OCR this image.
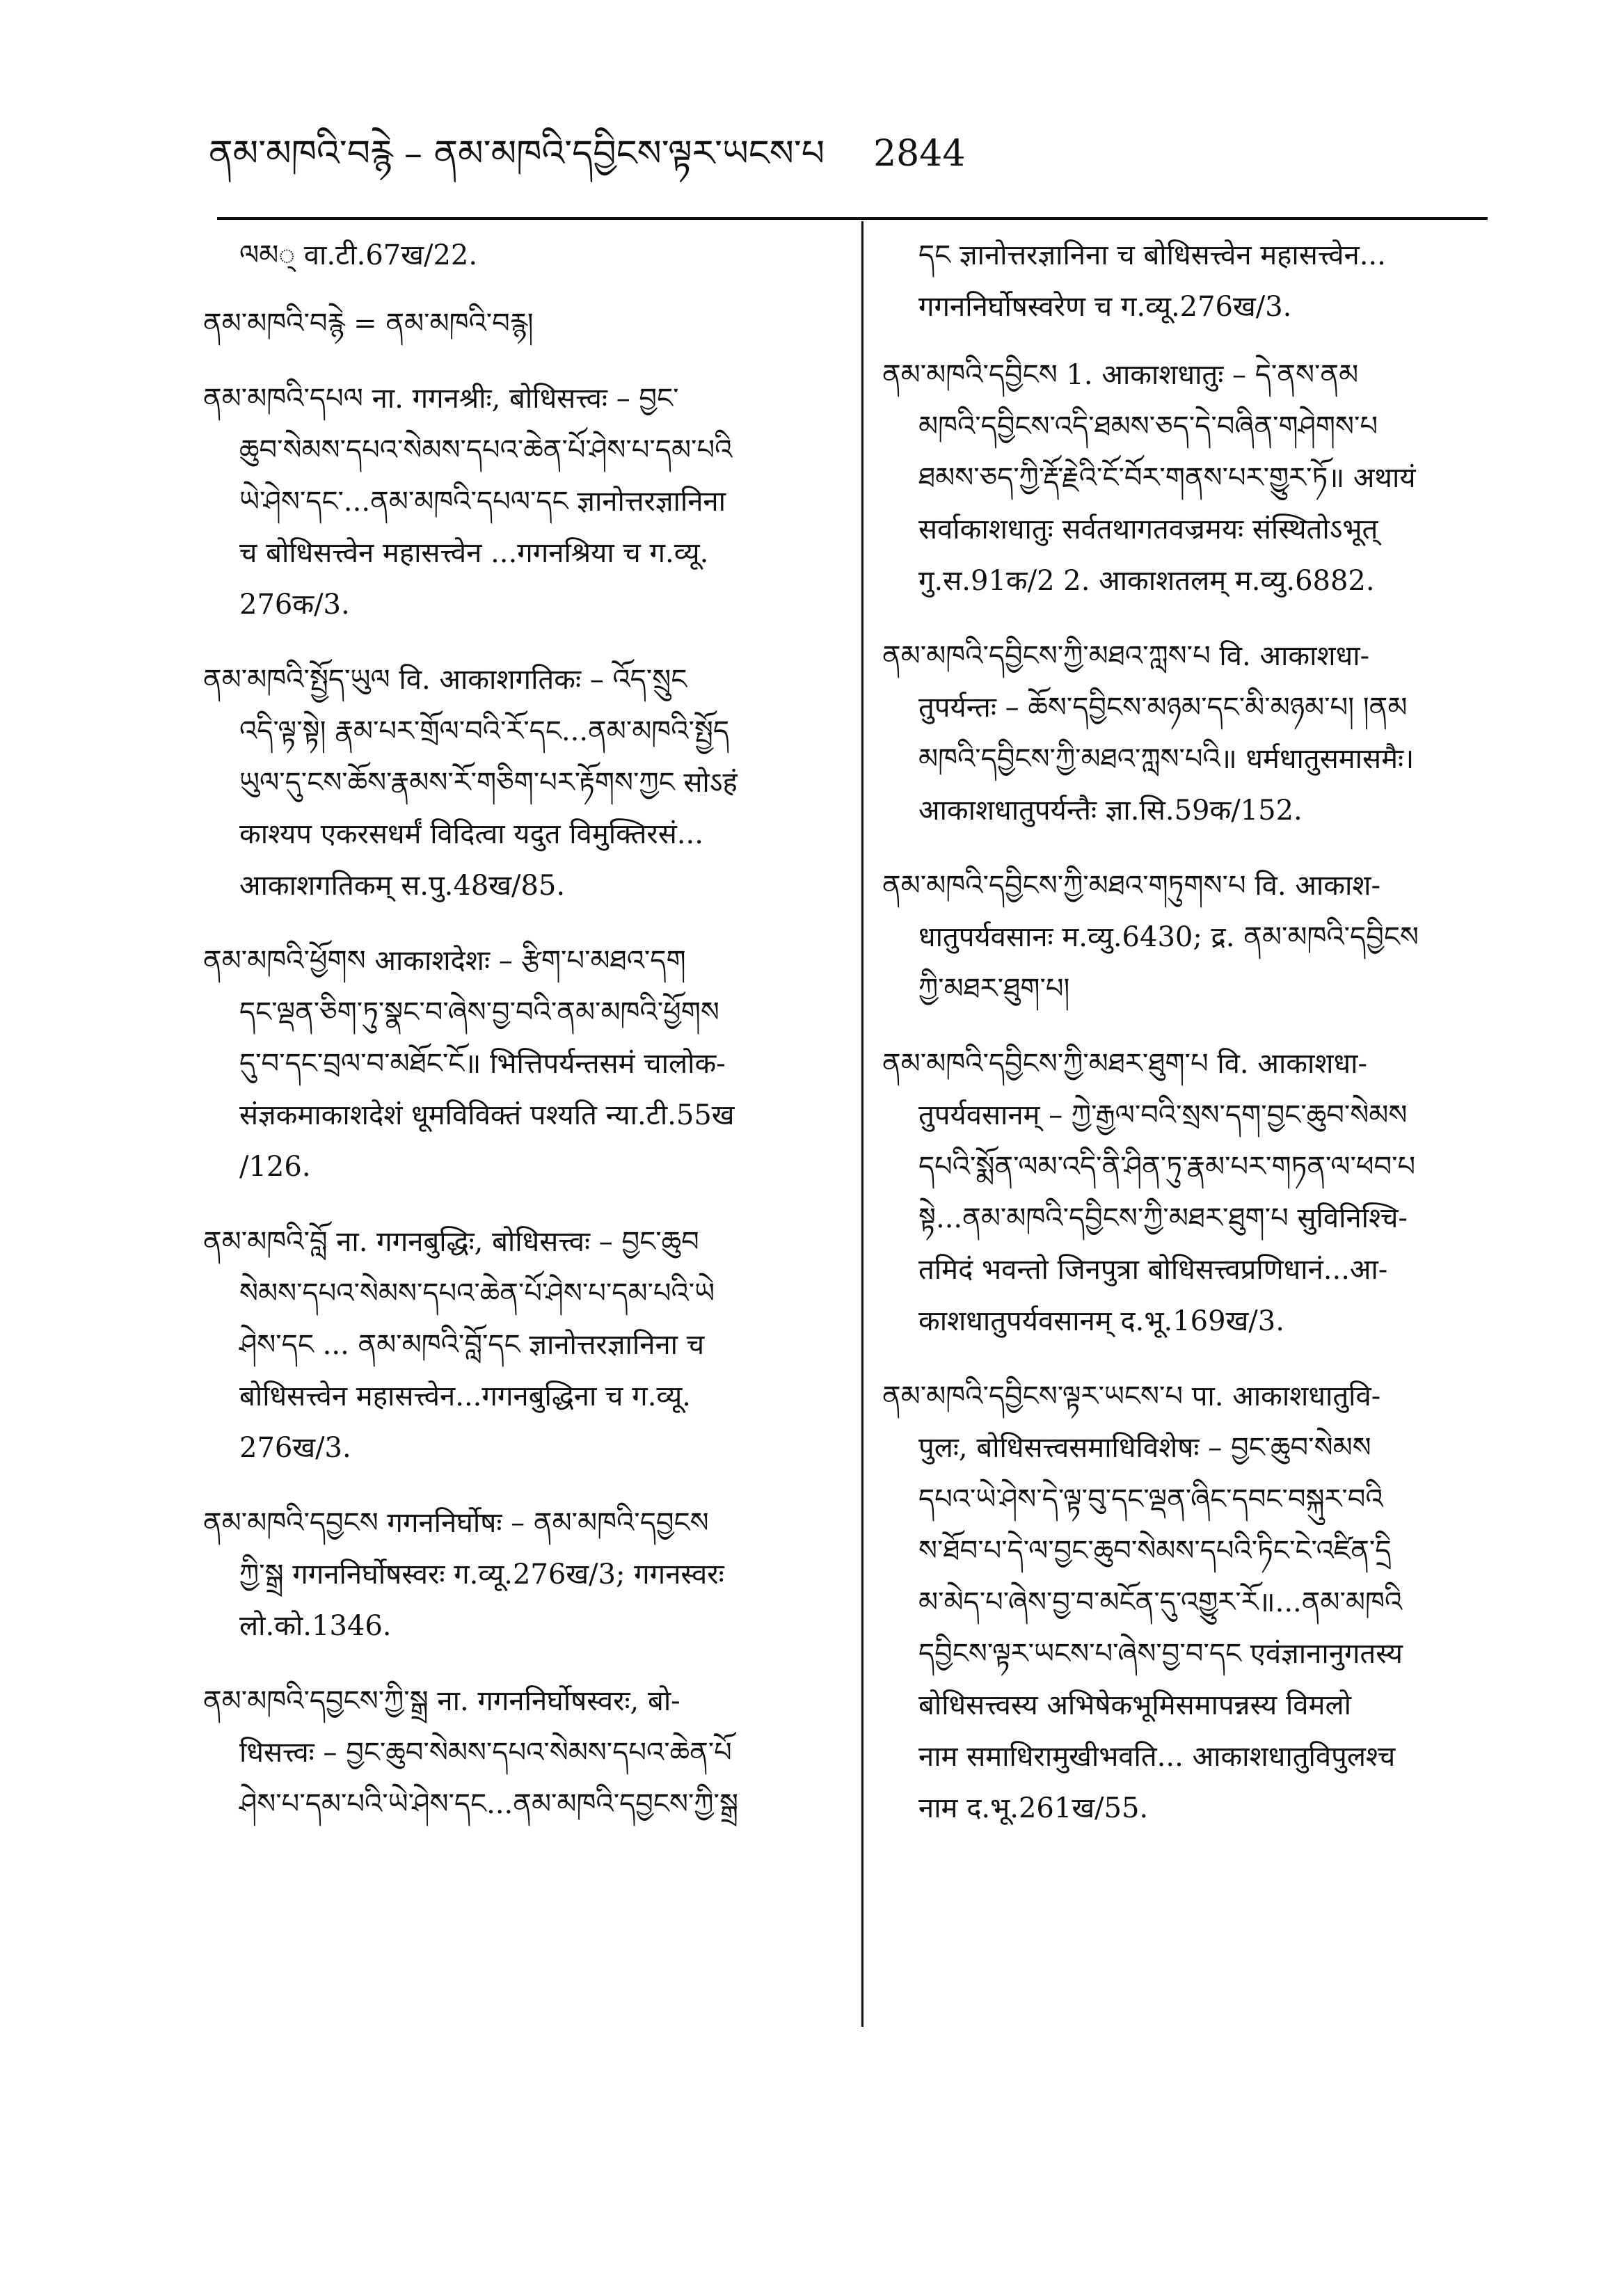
ནམ་མཁའི་བརྙེ – ནམ་མཁའི་དབྱིངས་ལྟར་ཡངས་པ 2844
ལམ् वा.टी.67ख/22.
ནམ་མཁའི་བརྙེ = ནམ་མཁའི་བརྙ།
ནམ་མཁའི་དཔལ ना. गगनश्रीः, बोधिसत्त्वः – བྱང་
ཆུབ་སེམས་དཔའ་སེམས་དཔའ་ཆེན་པོ་ཤེས་པ་དམ་པའི
ཡེ་ཤེས་དང་...ནམ་མཁའི་དཔལ་དང ज्ञानोत्तरज्ञानिना
च बोधिसत्त्वेन महासत्त्वेन ...गगनश्रिया च ग.व्यू.
276क/3.
ནམ་མཁའི་སྤྱོད་ཡུལ वि. आकाशगतिकः – འོད་སྲུང
འདི་ལྟ་སྟེ། རྣམ་པར་གྲོལ་བའི་རོ་དང...ནམ་མཁའི་སྤྱོད
ཡུལ་དུ་ངས་ཆོས་རྣམས་རོ་གཅིག་པར་རྟོགས་ཀྱང सोऽहं
काश्यप एकरसधर्मं विदित्वा यदुत विमुक्तिरसं...
आकाशगतिकम् स.पु.48ख/85.
ནམ་མཁའི་ཕྱོགས आकाशदेशः – རྩིག་པ་མཐའ་དག
དང་ལྡན་ཅིག་ཏུ་སྣང་བ་ཞེས་བྱ་བའི་ནམ་མཁའི་ཕྱོགས
དུ་བ་དང་བྲལ་བ་མཐོང་ངོ॥ भित्तिपर्यन्तसमं चालोक-
संज्ञकमाकाशदेशं धूमविविक्तं पश्यति न्या.टी.55ख
/126.
ནམ་མཁའི་བློ ना. गगनबुद्धिः, बोधिसत्त्वः – བྱང་ཆུབ
སེམས་དཔའ་སེམས་དཔའ་ཆེན་པོ་ཤེས་པ་དམ་པའི་ཡེ
ཤེས་དང ... ནམ་མཁའི་བློ་དང ज्ञानोत्तरज्ञानिना च
बोधिसत्त्वेन महासत्त्वेन...गगनबुद्धिना च ग.व्यू.
276ख/3.
ནམ་མཁའི་དབྱངས गगननिर्घोषः – ནམ་མཁའི་དབྱངས
ཀྱི་སྒྲ गगननिर्घोषस्वरः ग.व्यू.276ख/3; गगनस्वरः
लो.को.1346.
ནམ་མཁའི་དབྱངས་ཀྱི་སྒྲ ना. गगननिर्घोषस्वरः, बो-
धिसत्त्वः – བྱང་ཆུབ་སེམས་དཔའ་སེམས་དཔའ་ཆེན་པོ
ཤེས་པ་དམ་པའི་ཡེ་ཤེས་དང...ནམ་མཁའི་དབྱངས་ཀྱི་སྒྲ
དང ज्ञानोत्तरज्ञानिना च बोधिसत्त्वेन महासत्त्वेन...
गगननिर्घोषस्वरेण च ग.व्यू.276ख/3.
ནམ་མཁའི་དབྱིངས 1. आकाशधातुः – དེ་ནས་ནམ
མཁའི་དབྱིངས་འདི་ཐམས་ཅད་དེ་བཞིན་གཤེགས་པ
ཐམས་ཅད་ཀྱི་རྡོ་རྗེའི་ངོ་བོར་གནས་པར་གྱུར་ཏོ॥ अथायं
सर्वाकाशधातुः सर्वतथागतवज्रमयः संस्थितोऽभूत्
गु.स.91क/2 2. आकाशतलम् म.व्यु.6882.
ནམ་མཁའི་དབྱིངས་ཀྱི་མཐའ་ཀླས་པ वि. आकाशधा-
तुपर्यन्तः – ཆོས་དབྱིངས་མཉམ་དང་མི་མཉམ་པ། །ནམ
མཁའི་དབྱིངས་ཀྱི་མཐའ་ཀླས་པའི॥ धर्मधातुसमासमैः।
आकाशधातुपर्यन्तैः ज्ञा.सि.59क/152.
ནམ་མཁའི་དབྱིངས་ཀྱི་མཐའ་གཏུགས་པ वि. आकाश-
धातुपर्यवसानः म.व्यु.6430; द्र. ནམ་མཁའི་དབྱིངས
ཀྱི་མཐར་ཐུག་པ།
ནམ་མཁའི་དབྱིངས་ཀྱི་མཐར་ཐུག་པ वि. आकाशधा-
तुपर्यवसानम् – ཀྱེ་རྒྱལ་བའི་སྲས་དག་བྱང་ཆུབ་སེམས
དཔའི་སྨོན་ལམ་འདི་ནི་ཤིན་ཏུ་རྣམ་པར་གཏན་ལ་ཕབ་པ
སྟེ...ནམ་མཁའི་དབྱིངས་ཀྱི་མཐར་ཐུག་པ सुविनिश्चि-
तमिदं भवन्तो जिनपुत्रा बोधिसत्त्वप्रणिधानं...आ-
काशधातुपर्यवसानम् द.भू.169ख/3.
ནམ་མཁའི་དབྱིངས་ལྟར་ཡངས་པ पा. आकाशधातुवि-
पुलः, बोधिसत्त्वसमाधिविशेषः – བྱང་ཆུབ་སེམས
དཔའ་ཡེ་ཤེས་དེ་ལྟ་བུ་དང་ལྡན་ཞིང་དབང་བསྐུར་བའི
ས་ཐོབ་པ་དེ་ལ་བྱང་ཆུབ་སེམས་དཔའི་ཏིང་ངེ་འཛིན་དྲི
མ་མེད་པ་ཞེས་བྱ་བ་མངོན་དུ་འགྱུར་རོ॥...ནམ་མཁའི
དབྱིངས་ལྟར་ཡངས་པ་ཞེས་བྱ་བ་དང एवंज्ञानानुगतस्य
बोधिसत्त्वस्य अभिषेकभूमिसमापन्नस्य विमलो
नाम समाधिरामुखीभवति... आकाशधातुविपुलश्च
नाम द.भू.261ख/55.
